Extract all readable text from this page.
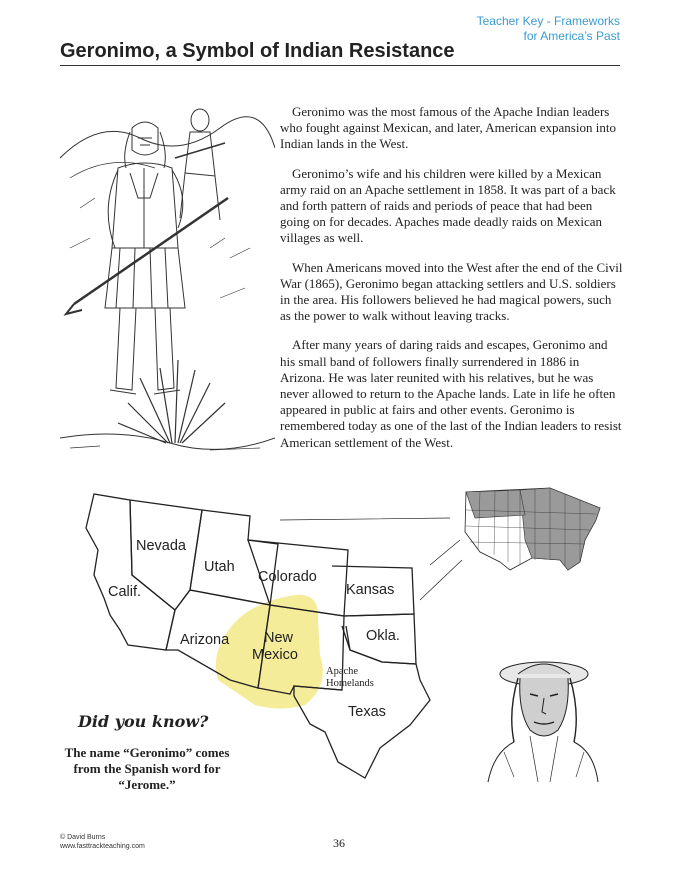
Teacher Key - Frameworks
for America’s Past
Geronimo, a Symbol of Indian Resistance

Geronimo was the most famous of the Apache Indian leaders who fought against Mexican, and later, American expansion into Indian lands in the West.

Geronimo’s wife and his children were killed by a Mexican army raid on an Apache settlement in 1858. It was part of a back and forth pattern of raids and periods of peace that had been going on for decades. Apaches made deadly raids on Mexican villages as well.

When Americans moved into the West after the end of the Civil War (1865), Geronimo began attacking settlers and U.S. soldiers in the area. His followers believed he had magical powers, such as the power to walk without leaving tracks.

After many years of daring raids and escapes, Geronimo and his small band of followers finally surrendered in 1886 in Arizona. He was later reunited with his relatives, but he was never allowed to return to the Apache lands. Late in life he often appeared in public at fairs and other events. Geronimo is remembered today as one of the last of the Indian leaders to resist American settlement of the West.

Nevada
Utah
Colorado
Kansas
Calif.
Arizona New
Mexico
Okla.
Apache
Homelands
Texas
Did you know?
The name “Geronimo” comes from the Spanish word for “Jerome.”
© David Burns
www.fasttrackteaching.com	36
